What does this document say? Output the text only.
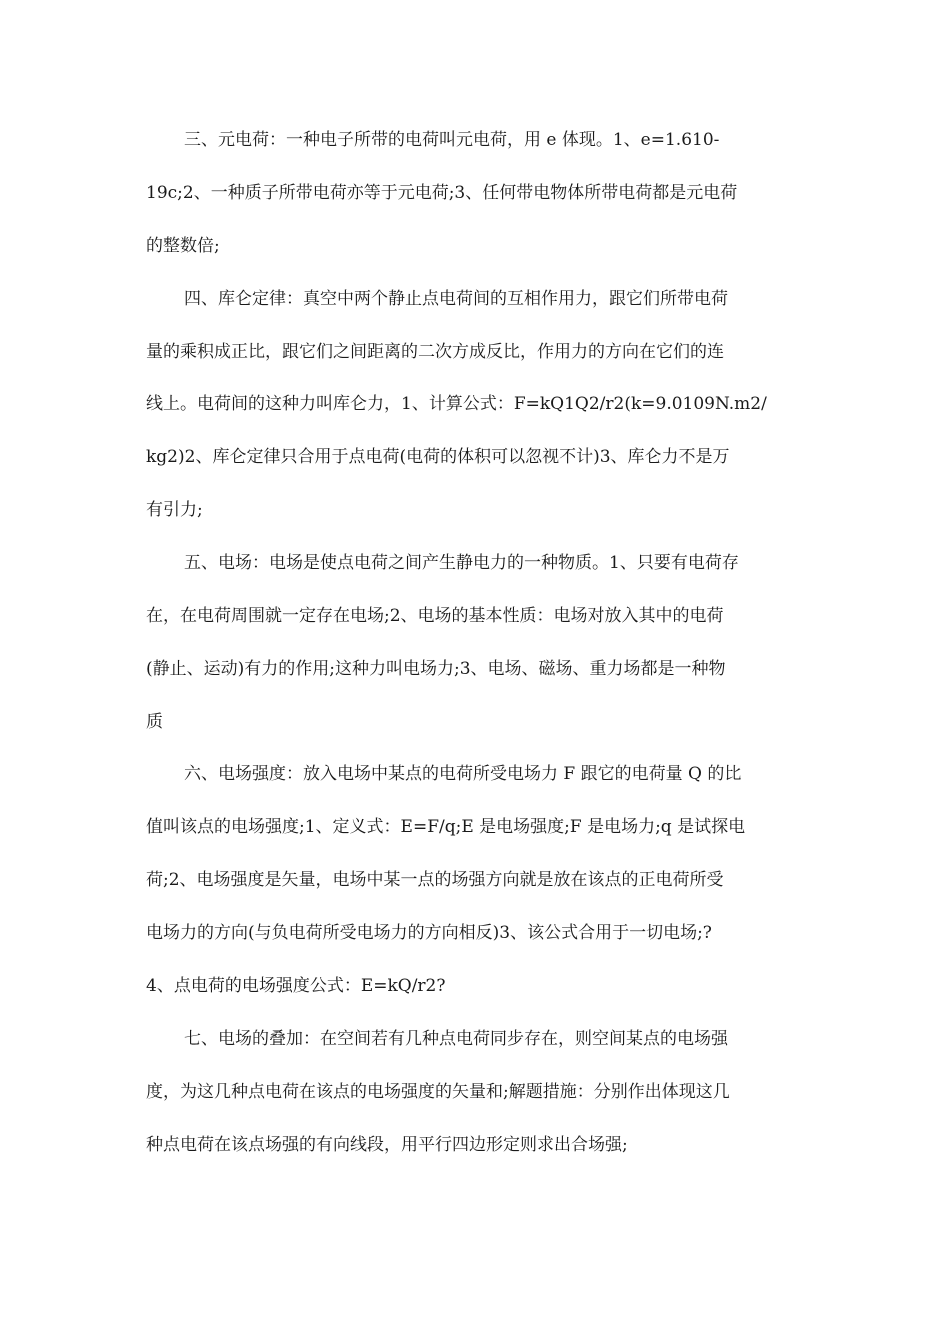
三、元电荷：一种电子所带的电荷叫元电荷，用 e 体现。1、e=1.610-
19c;2、一种质子所带电荷亦等于元电荷;3、任何带电物体所带电荷都是元电荷
的整数倍;
四、库仑定律：真空中两个静止点电荷间的互相作用力，跟它们所带电荷
量的乘积成正比，跟它们之间距离的二次方成反比，作用力的方向在它们的连
线上。电荷间的这种力叫库仑力，1、计算公式：F=kQ1Q2/r2(k=9.0109N.m2/
kg2)2、库仑定律只合用于点电荷(电荷的体积可以忽视不计)3、库仑力不是万
有引力;
五、电场：电场是使点电荷之间产生静电力的一种物质。1、只要有电荷存
在，在电荷周围就一定存在电场;2、电场的基本性质：电场对放入其中的电荷
(静止、运动)有力的作用;这种力叫电场力;3、电场、磁场、重力场都是一种物
质
六、电场强度：放入电场中某点的电荷所受电场力 F 跟它的电荷量 Q 的比
值叫该点的电场强度;1、定义式：E=F/q;E 是电场强度;F 是电场力;q 是试探电
荷;2、电场强度是矢量，电场中某一点的场强方向就是放在该点的正电荷所受
电场力的方向(与负电荷所受电场力的方向相反)3、该公式合用于一切电场;?
4、点电荷的电场强度公式：E=kQ/r2?
七、电场的叠加：在空间若有几种点电荷同步存在，则空间某点的电场强
度，为这几种点电荷在该点的电场强度的矢量和;解题措施：分别作出体现这几
种点电荷在该点场强的有向线段，用平行四边形定则求出合场强;
